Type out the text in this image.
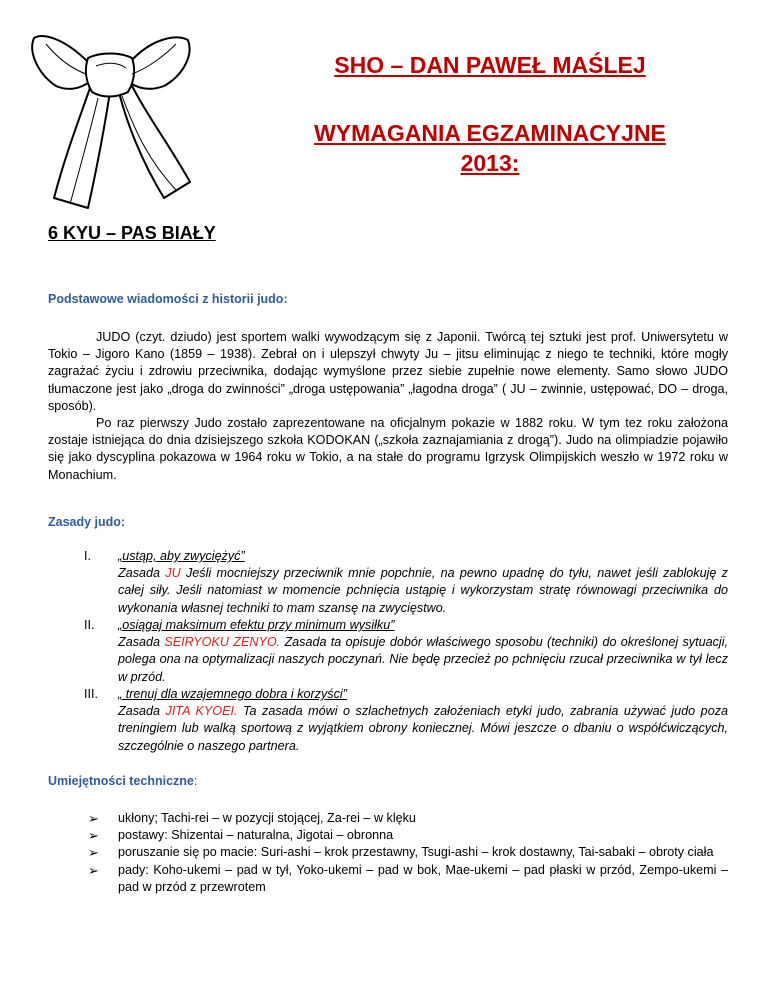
SHO – DAN PAWEŁ MAŚLEJ
WYMAGANIA EGZAMINACYJNE
2013:
6 KYU – PAS BIAŁY
Podstawowe wiadomości z historii judo:

JUDO (czyt. dziudo) jest sportem walki wywodzącym się z Japonii. Twórcą tej sztuki jest prof. Uniwersytetu w Tokio – Jigoro Kano (1859 – 1938). Zebrał on i ulepszył chwyty Ju – jitsu eliminując z niego te techniki, które mogły zagrażać życiu i zdrowiu przeciwnika, dodając wymyślone przez siebie zupełnie nowe elementy. Samo słowo JUDO tłumaczone jest jako „droga do zwinności” „droga ustępowania” „łagodna droga” ( JU – zwinnie, ustępować, DO – droga, sposób).

Po raz pierwszy Judo zostało zaprezentowane na oficjalnym pokazie w 1882 roku. W tym tez roku założona zostaje istniejąca do dnia dzisiejszego szkoła KODOKAN („szkoła zaznajamiania z drogą”). Judo na olimpiadzie pojawiło się jako dyscyplina pokazowa w 1964 roku w Tokio, a na stałe do programu Igrzysk Olimpijskich weszło w 1972 roku w Monachium.

Zasady judo:
I.	„ustąp, aby zwyciężyć”
Zasada JU Jeśli mocniejszy przeciwnik mnie popchnie, na pewno upadnę do tyłu, nawet jeśli zablokuję z całej siły. Jeśli natomiast w momencie pchnięcia ustąpię i wykorzystam stratę równowagi przeciwnika do wykonania własnej techniki to mam szansę na zwycięstwo.
II.	„osiągaj maksimum efektu przy minimum wysiłku”
Zasada SEIRYOKU ZENYO. Zasada ta opisuje dobór właściwego sposobu (techniki) do określonej sytuacji, polega ona na optymalizacji naszych poczynań. Nie będę przecież po pchnięciu rzucał przeciwnika w tył lecz w przód.
III.	„ trenuj dla wzajemnego dobra i korzyści”
Zasada JITA KYOEI. Ta zasada mówi o szlachetnych założeniach etyki judo, zabrania używać judo poza treningiem lub walką sportową z wyjątkiem obrony koniecznej. Mówi jeszcze o dbaniu o współćwiczących, szczególnie o naszego partnera.
Umiejętności techniczne:
➢ ukłony; Tachi-rei – w pozycji stojącej, Za-rei – w klęku
➢ postawy: Shizentai – naturalna, Jigotai – obronna
➢ poruszanie się po macie: Suri-ashi – krok przestawny, Tsugi-ashi – krok dostawny, Tai-sabaki – obroty ciała
➢ pady: Koho-ukemi – pad w tył, Yoko-ukemi – pad w bok, Mae-ukemi – pad płaski w przód, Zempo-ukemi – pad w przód z przewrotem
